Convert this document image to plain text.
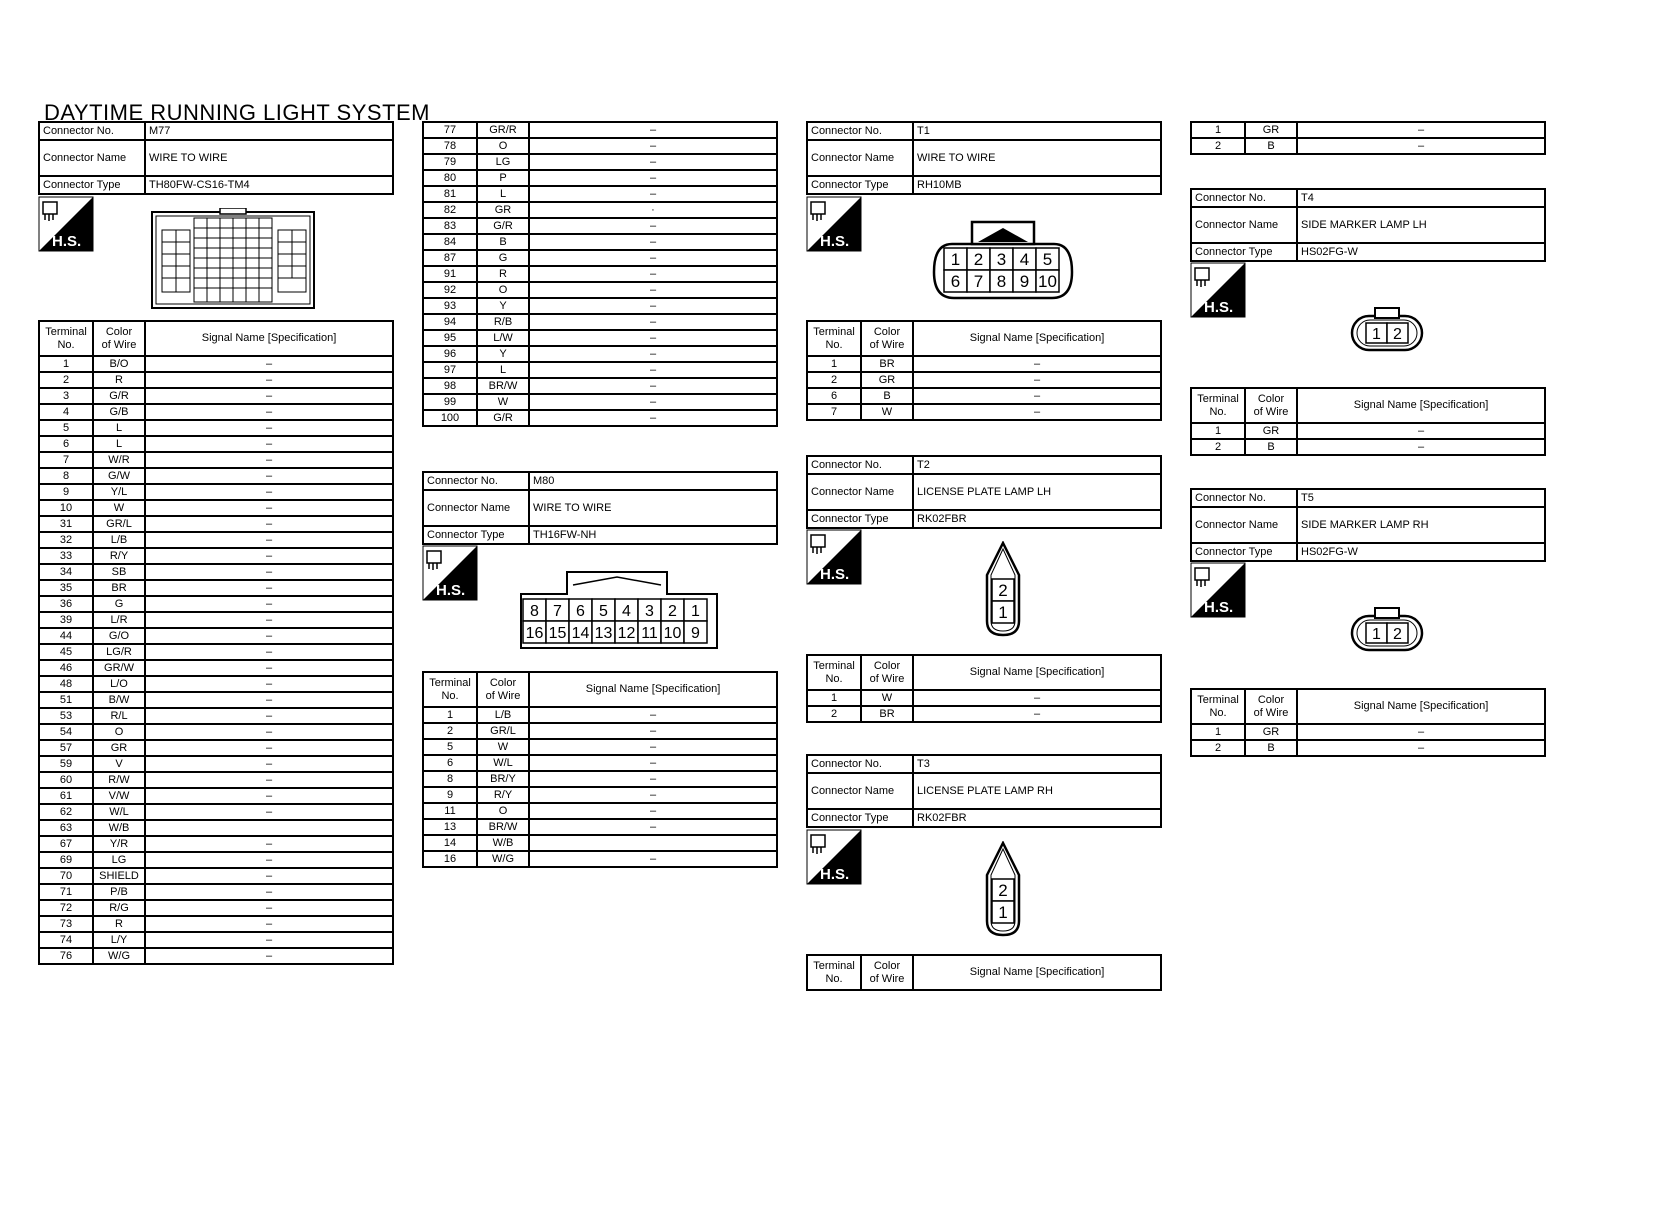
DAYTIME RUNNING LIGHT SYSTEM
Connector No.	M77
Connector Name	WIRE TO WIRE
Connector Type	TH80FW-CS16-TM4
H.S.
Terminal
No.	Color
of Wire	Signal Name [Specification]
1	B/O	–
2	R	–
3	G/R	–
4	G/B	–
5	L	–
6	L	–
7	W/R	–
8	G/W	–
9	Y/L	–
10	W	–
31	GR/L	–
32	L/B	–
33	R/Y	–
34	SB	–
35	BR	–
36	G	–
39	L/R	–
44	G/O	–
45	LG/R	–
46	GR/W	–
48	L/O	–
51	B/W	–
53	R/L	–
54	O	–
57	GR	–
59	V	–
60	R/W	–
61	V/W	–
62	W/L	–
63	W/B	
67	Y/R	–
69	LG	–
70	SHIELD	–
71	P/B	–
72	R/G	–
73	R	–
74	L/Y	–
76	W/G	–
77	GR/R	–
78	O	–
79	LG	–
80	P	–
81	L	–
82	GR	·
83	G/R	–
84	B	–
87	G	–
91	R	–
92	O	–
93	Y	–
94	R/B	–
95	L/W	–
96	Y	–
97	L	–
98	BR/W	–
99	W	–
100	G/R	–
Connector No.	M80
Connector Name	WIRE TO WIRE
Connector Type	TH16FW-NH
H.S.
8 7 6 5 4 3 2 1
16 15 14 13 12 11 10 9
Terminal
No.	Color
of Wire	Signal Name [Specification]
1	L/B	–
2	GR/L	–
5	W	–
6	W/L	–
8	BR/Y	–
9	R/Y	–
11	O	–
13	BR/W	–
14	W/B	
16	W/G	–
Connector No.	T1
Connector Name	WIRE TO WIRE
Connector Type	RH10MB
H.S.
1 2 3 4 5
6 7 8 9 10
Terminal
No.	Color
of Wire	Signal Name [Specification]
1	BR	–
2	GR	–
6	B	–
7	W	–
Connector No.	T2
Connector Name	LICENSE PLATE LAMP LH
Connector Type	RK02FBR
H.S.
2
1
Terminal
No.	Color
of Wire	Signal Name [Specification]
1	W	–
2	BR	–
Connector No.	T3
Connector Name	LICENSE PLATE LAMP RH
Connector Type	RK02FBR
H.S.
2
1
Terminal
No.	Color
of Wire	Signal Name [Specification]
1	GR	–
2	B	–
Connector No.	T4
Connector Name	SIDE MARKER LAMP LH
Connector Type	HS02FG-W
H.S.
1 2
Terminal
No.	Color
of Wire	Signal Name [Specification]
1	GR	–
2	B	–
Connector No.	T5
Connector Name	SIDE MARKER LAMP RH
Connector Type	HS02FG-W
H.S.
1 2
Terminal
No.	Color
of Wire	Signal Name [Specification]
1	GR	–
2	B	–
